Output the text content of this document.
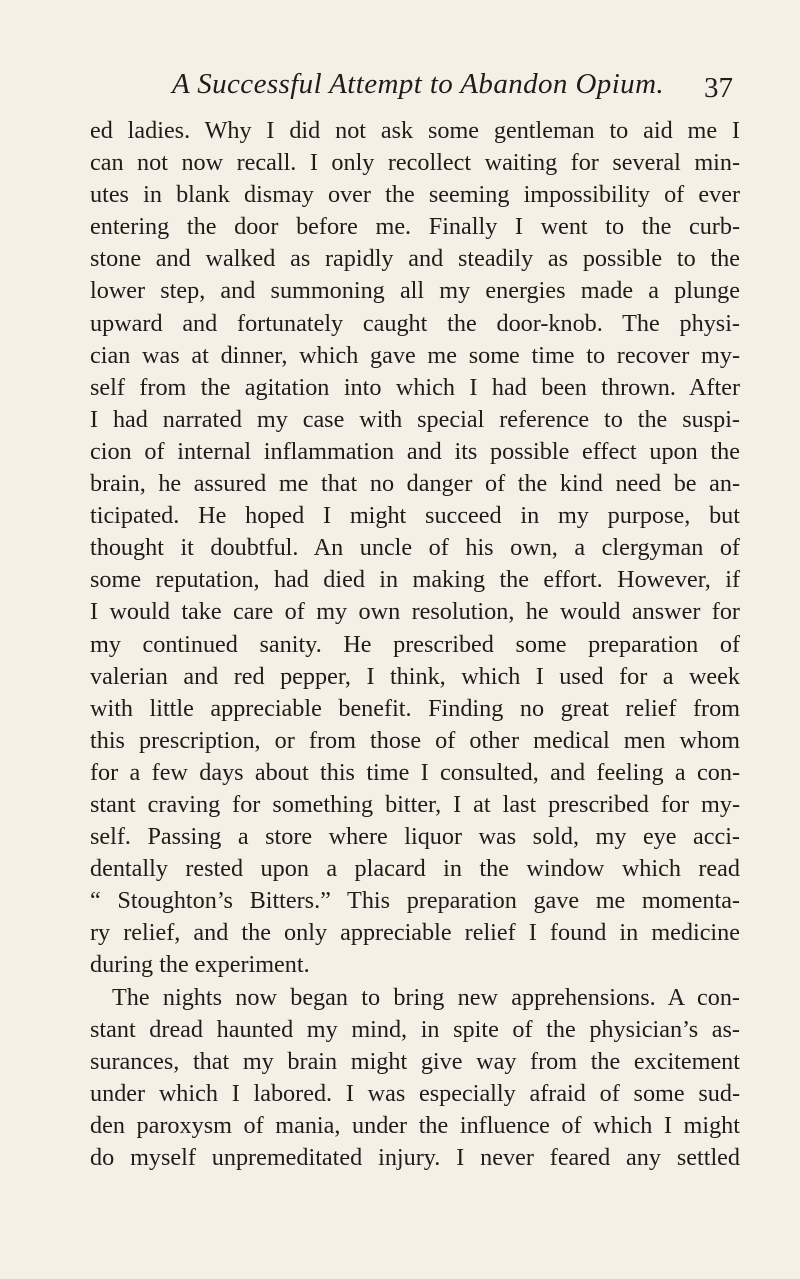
A Successful Attempt to Abandon Opium. 37
ed ladies. Why I did not ask some gentleman to aid me I
can not now recall. I only recollect waiting for several min-
utes in blank dismay over the seeming impossibility of ever
entering the door before me. Finally I went to the curb-
stone and walked as rapidly and steadily as possible to the
lower step, and summoning all my energies made a plunge
upward and fortunately caught the door-knob. The physi-
cian was at dinner, which gave me some time to recover my-
self from the agitation into which I had been thrown. After
I had narrated my case with special reference to the suspi-
cion of internal inflammation and its possible effect upon the
brain, he assured me that no danger of the kind need be an-
ticipated. He hoped I might succeed in my purpose, but
thought it doubtful. An uncle of his own, a clergyman of
some reputation, had died in making the effort. However, if
I would take care of my own resolution, he would answer for
my continued sanity. He prescribed some preparation of
valerian and red pepper, I think, which I used for a week
with little appreciable benefit. Finding no great relief from
this prescription, or from those of other medical men whom
for a few days about this time I consulted, and feeling a con-
stant craving for something bitter, I at last prescribed for my-
self. Passing a store where liquor was sold, my eye acci-
dentally rested upon a placard in the window which read
“ Stoughton’s Bitters.” This preparation gave me momenta-
ry relief, and the only appreciable relief I found in medicine
during the experiment.
The nights now began to bring new apprehensions. A con-
stant dread haunted my mind, in spite of the physician’s as-
surances, that my brain might give way from the excitement
under which I labored. I was especially afraid of some sud-
den paroxysm of mania, under the influence of which I might
do myself unpremeditated injury. I never feared any settled
